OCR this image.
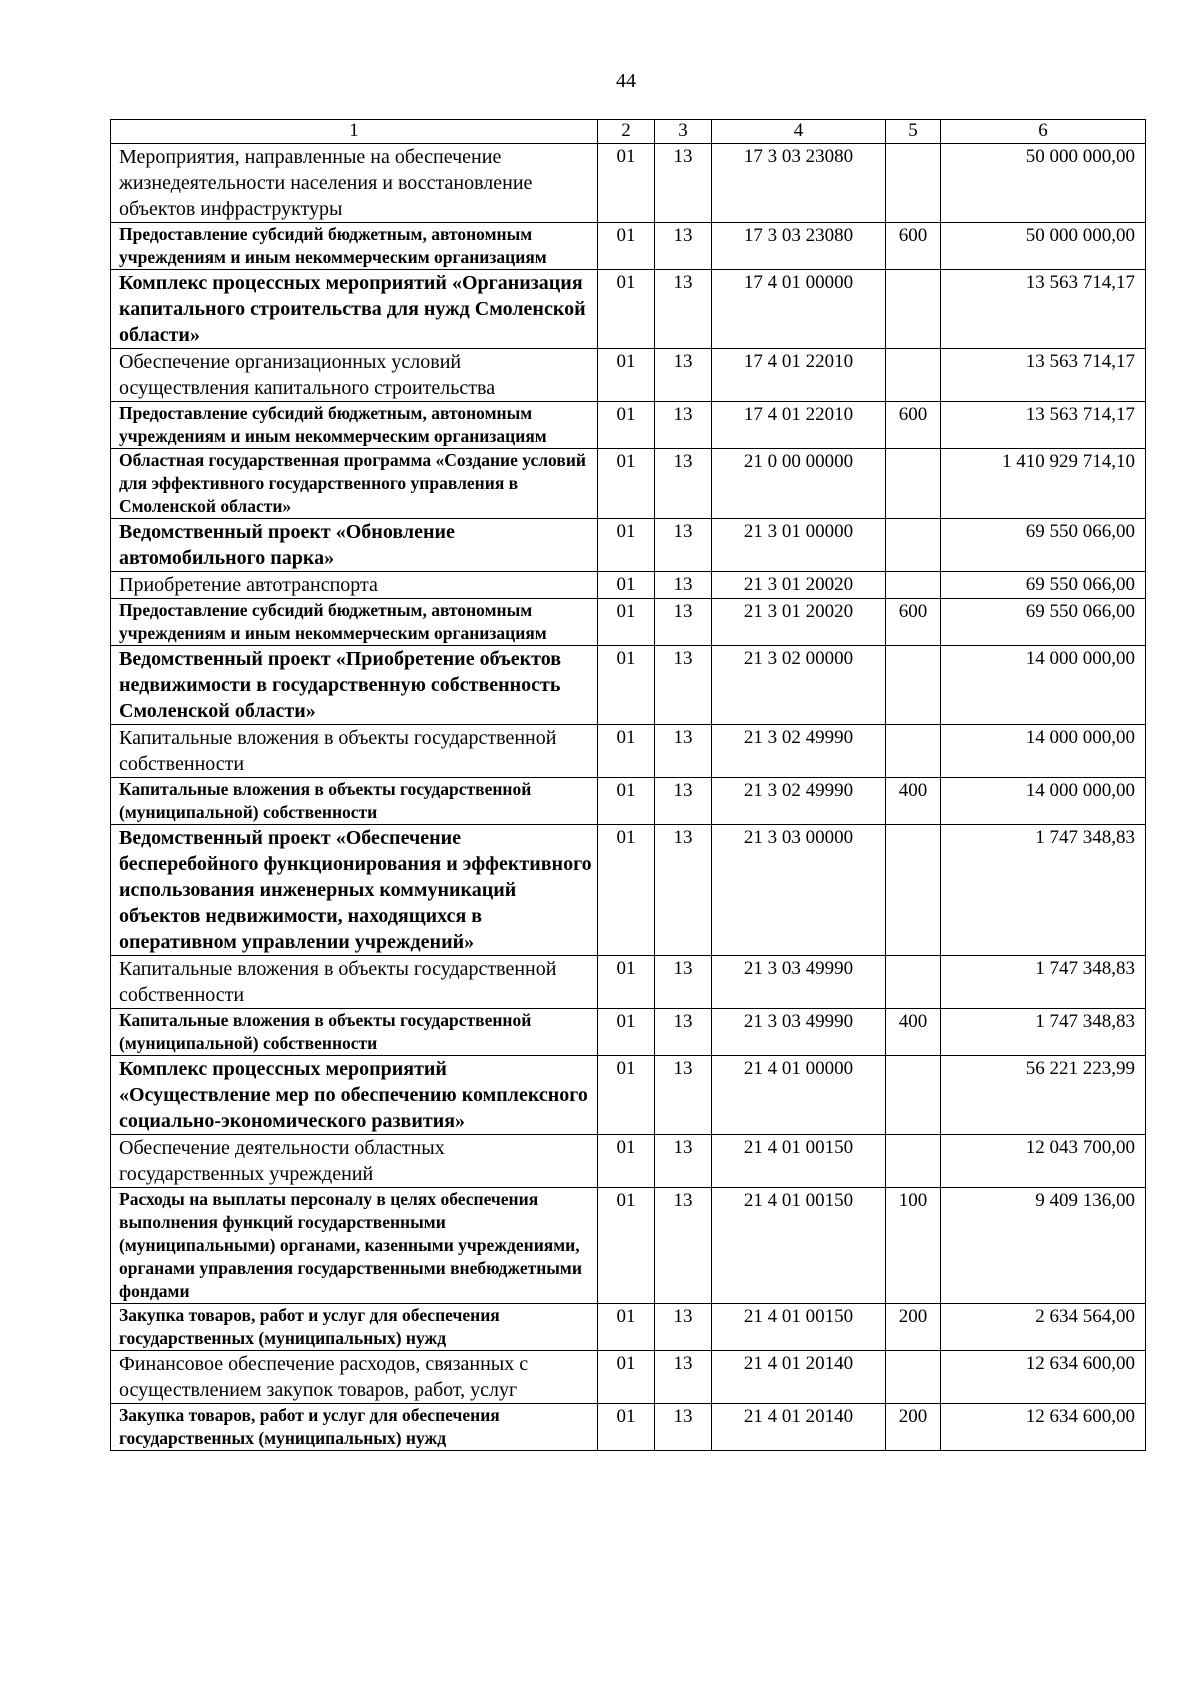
44
1	2	3	4	5	6
Мероприятия, направленные на обеспечение жизнедеятельности населения и восстановление объектов инфраструктуры	01	13	17 3 03 23080		50 000 000,00
Предоставление субсидий бюджетным, автономным учреждениям и иным некоммерческим организациям	01	13	17 3 03 23080	600	50 000 000,00
Комплекс процессных мероприятий «Организация капитального строительства для нужд Смоленской области»	01	13	17 4 01 00000		13 563 714,17
Обеспечение организационных условий осуществления капитального строительства	01	13	17 4 01 22010		13 563 714,17
Предоставление субсидий бюджетным, автономным учреждениям и иным некоммерческим организациям	01	13	17 4 01 22010	600	13 563 714,17
Областная государственная программа «Создание условий для эффективного государственного управления в Смоленской области»	01	13	21 0 00 00000		1 410 929 714,10
Ведомственный проект «Обновление автомобильного парка»	01	13	21 3 01 00000		69 550 066,00
Приобретение автотранспорта	01	13	21 3 01 20020		69 550 066,00
Предоставление субсидий бюджетным, автономным учреждениям и иным некоммерческим организациям	01	13	21 3 01 20020	600	69 550 066,00
Ведомственный проект «Приобретение объектов недвижимости в государственную собственность Смоленской области»	01	13	21 3 02 00000		14 000 000,00
Капитальные вложения в объекты государственной собственности	01	13	21 3 02 49990		14 000 000,00
Капитальные вложения в объекты государственной (муниципальной) собственности	01	13	21 3 02 49990	400	14 000 000,00
Ведомственный проект «Обеспечение бесперебойного функционирования и эффективного использования инженерных коммуникаций объектов недвижимости, находящихся в оперативном управлении учреждений»	01	13	21 3 03 00000		1 747 348,83
Капитальные вложения в объекты государственной собственности	01	13	21 3 03 49990		1 747 348,83
Капитальные вложения в объекты государственной (муниципальной) собственности	01	13	21 3 03 49990	400	1 747 348,83
Комплекс процессных мероприятий «Осуществление мер по обеспечению комплексного социально-экономического развития»	01	13	21 4 01 00000		56 221 223,99
Обеспечение деятельности областных государственных учреждений	01	13	21 4 01 00150		12 043 700,00
Расходы на выплаты персоналу в целях обеспечения выполнения функций государственными (муниципальными) органами, казенными учреждениями, органами управления государственными внебюджетными фондами	01	13	21 4 01 00150	100	9 409 136,00
Закупка товаров, работ и услуг для обеспечения государственных (муниципальных) нужд	01	13	21 4 01 00150	200	2 634 564,00
Финансовое обеспечение расходов, связанных с осуществлением закупок товаров, работ, услуг	01	13	21 4 01 20140		12 634 600,00
Закупка товаров, работ и услуг для обеспечения государственных (муниципальных) нужд	01	13	21 4 01 20140	200	12 634 600,00
